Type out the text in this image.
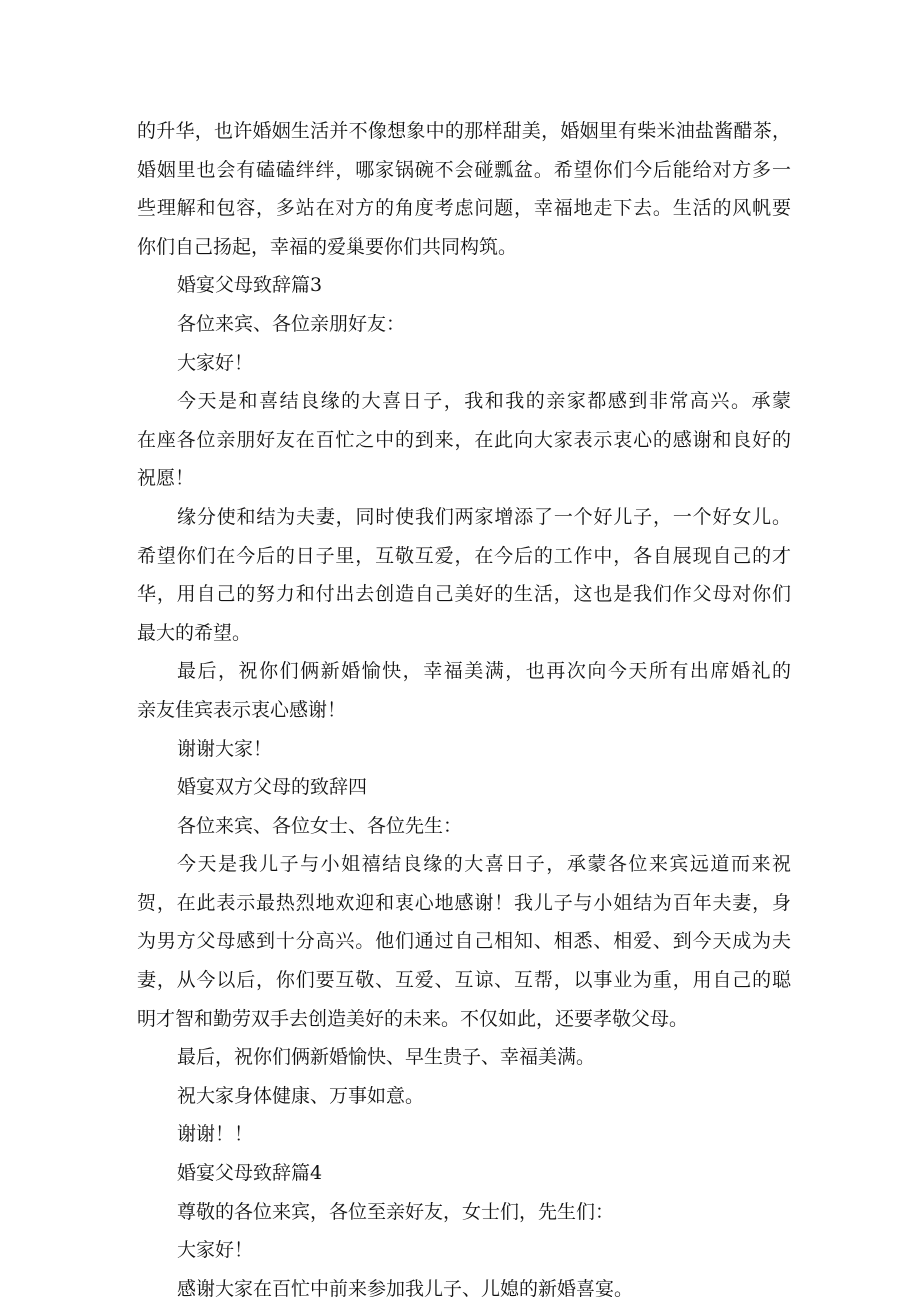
的升华，也许婚姻生活并不像想象中的那样甜美，婚姻里有柴米油盐酱醋茶，
婚姻里也会有磕磕绊绊，哪家锅碗不会碰瓢盆。希望你们今后能给对方多一
些理解和包容，多站在对方的角度考虑问题，幸福地走下去。生活的风帆要
你们自己扬起，幸福的爱巢要你们共同构筑。
婚宴父母致辞篇3
各位来宾、各位亲朋好友：
大家好！
今天是和喜结良缘的大喜日子，我和我的亲家都感到非常高兴。承蒙
在座各位亲朋好友在百忙之中的到来，在此向大家表示衷心的感谢和良好的
祝愿！
缘分使和结为夫妻，同时使我们两家增添了一个好儿子，一个好女儿。
希望你们在今后的日子里，互敬互爱，在今后的工作中，各自展现自己的才
华，用自己的努力和付出去创造自己美好的生活，这也是我们作父母对你们
最大的希望。
最后，祝你们俩新婚愉快，幸福美满，也再次向今天所有出席婚礼的
亲友佳宾表示衷心感谢！
谢谢大家！
婚宴双方父母的致辞四
各位来宾、各位女士、各位先生：
今天是我儿子与小姐禧结良缘的大喜日子，承蒙各位来宾远道而来祝
贺，在此表示最热烈地欢迎和衷心地感谢！我儿子与小姐结为百年夫妻，身
为男方父母感到十分高兴。他们通过自己相知、相悉、相爱、到今天成为夫
妻，从今以后，你们要互敬、互爱、互谅、互帮，以事业为重，用自己的聪
明才智和勤劳双手去创造美好的未来。不仅如此，还要孝敬父母。
最后，祝你们俩新婚愉快、早生贵子、幸福美满。
祝大家身体健康、万事如意。
谢谢！！
婚宴父母致辞篇4
尊敬的各位来宾，各位至亲好友，女士们，先生们：
大家好！
感谢大家在百忙中前来参加我儿子、儿媳的新婚喜宴。
